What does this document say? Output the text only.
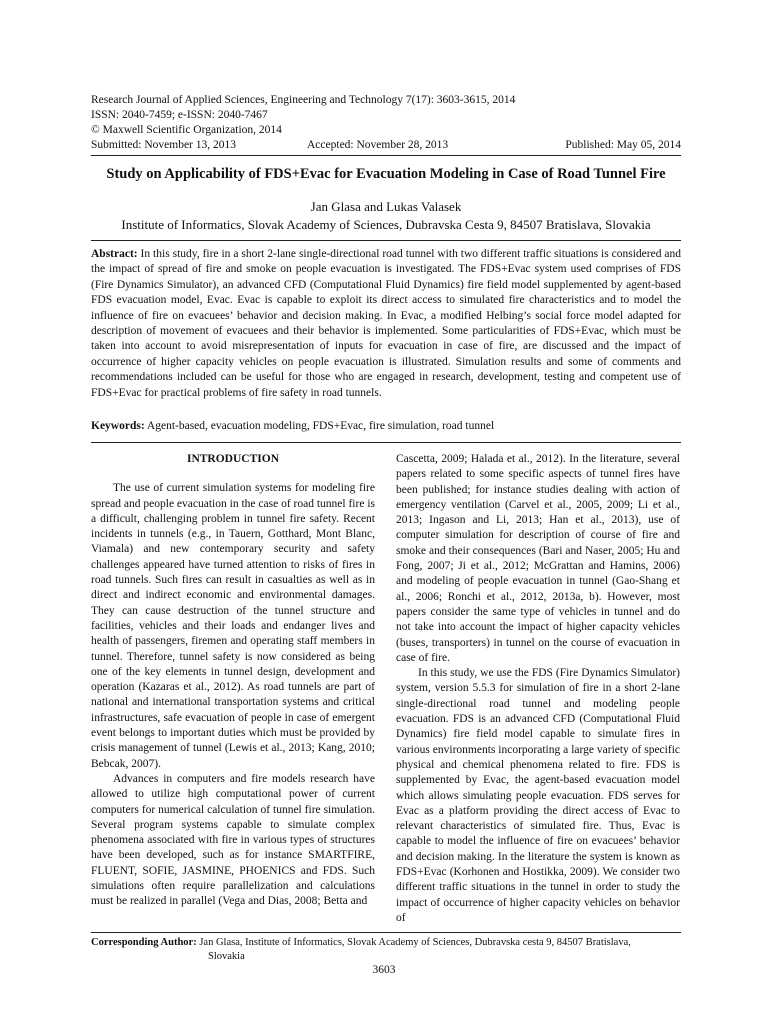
Research Journal of Applied Sciences, Engineering and Technology 7(17): 3603-3615, 2014
ISSN: 2040-7459; e-ISSN: 2040-7467
© Maxwell Scientific Organization, 2014
Submitted: November 13, 2013	Accepted: November 28, 2013	Published: May 05, 2014
Study on Applicability of FDS+Evac for Evacuation Modeling in Case of Road Tunnel Fire
Jan Glasa and Lukas Valasek
Institute of Informatics, Slovak Academy of Sciences, Dubravska Cesta 9, 84507 Bratislava, Slovakia

Abstract: In this study, fire in a short 2-lane single-directional road tunnel with two different traffic situations is considered and the impact of spread of fire and smoke on people evacuation is investigated. The FDS+Evac system used comprises of FDS (Fire Dynamics Simulator), an advanced CFD (Computational Fluid Dynamics) fire field model supplemented by agent-based FDS evacuation model, Evac. Evac is capable to exploit its direct access to simulated fire characteristics and to model the influence of fire on evacuees’ behavior and decision making. In Evac, a modified Helbing’s social force model adapted for description of movement of evacuees and their behavior is implemented. Some particularities of FDS+Evac, which must be taken into account to avoid misrepresentation of inputs for evacuation in case of fire, are discussed and the impact of occurrence of higher capacity vehicles on people evacuation is illustrated. Simulation results and some of comments and recommendations included can be useful for those who are engaged in research, development, testing and competent use of FDS+Evac for practical problems of fire safety in road tunnels.

Keywords: Agent-based, evacuation modeling, FDS+Evac, fire simulation, road tunnel

INTRODUCTION

The use of current simulation systems for modeling fire spread and people evacuation in the case of road tunnel fire is a difficult, challenging problem in tunnel fire safety. Recent incidents in tunnels (e.g., in Tauern, Gotthard, Mont Blanc, Viamala) and new contemporary security and safety challenges appeared have turned attention to risks of fires in road tunnels. Such fires can result in casualties as well as in direct and indirect economic and environmental damages. They can cause destruction of the tunnel structure and facilities, vehicles and their loads and endanger lives and health of passengers, firemen and operating staff members in tunnel. Therefore, tunnel safety is now considered as being one of the key elements in tunnel design, development and operation (Kazaras et al., 2012). As road tunnels are part of national and international transportation systems and critical infrastructures, safe evacuation of people in case of emergent event belongs to important duties which must be provided by crisis management of tunnel (Lewis et al., 2013; Kang, 2010; Bebcak, 2007).

Advances in computers and fire models research have allowed to utilize high computational power of current computers for numerical calculation of tunnel fire simulation. Several program systems capable to simulate complex phenomena associated with fire in various types of structures have been developed, such as for instance SMARTFIRE, FLUENT, SOFIE, JASMINE, PHOENICS and FDS. Such simulations often require parallelization and calculations must be realized in parallel (Vega and Dias, 2008; Betta and

Cascetta, 2009; Halada et al., 2012). In the literature, several papers related to some specific aspects of tunnel fires have been published; for instance studies dealing with action of emergency ventilation (Carvel et al., 2005, 2009; Li et al., 2013; Ingason and Li, 2013; Han et al., 2013), use of computer simulation for description of course of fire and smoke and their consequences (Bari and Naser, 2005; Hu and Fong, 2007; Ji et al., 2012; McGrattan and Hamins, 2006) and modeling of people evacuation in tunnel (Gao-Shang et al., 2006; Ronchi et al., 2012, 2013a, b). However, most papers consider the same type of vehicles in tunnel and do not take into account the impact of higher capacity vehicles (buses, transporters) in tunnel on the course of evacuation in case of fire.

In this study, we use the FDS (Fire Dynamics Simulator) system, version 5.5.3 for simulation of fire in a short 2-lane single-directional road tunnel and modeling people evacuation. FDS is an advanced CFD (Computational Fluid Dynamics) fire field model capable to simulate fires in various environments incorporating a large variety of specific physical and chemical phenomena related to fire. FDS is supplemented by Evac, the agent-based evacuation model which allows simulating people evacuation. FDS serves for Evac as a platform providing the direct access of Evac to relevant characteristics of simulated fire. Thus, Evac is capable to model the influence of fire on evacuees’ behavior and decision making. In the literature the system is known as FDS+Evac (Korhonen and Hostikka, 2009). We consider two different traffic situations in the tunnel in order to study the impact of occurrence of higher capacity vehicles on behavior of

Corresponding Author: Jan Glasa, Institute of Informatics, Slovak Academy of Sciences, Dubravska cesta 9, 84507 Bratislava,
Slovakia
3603
